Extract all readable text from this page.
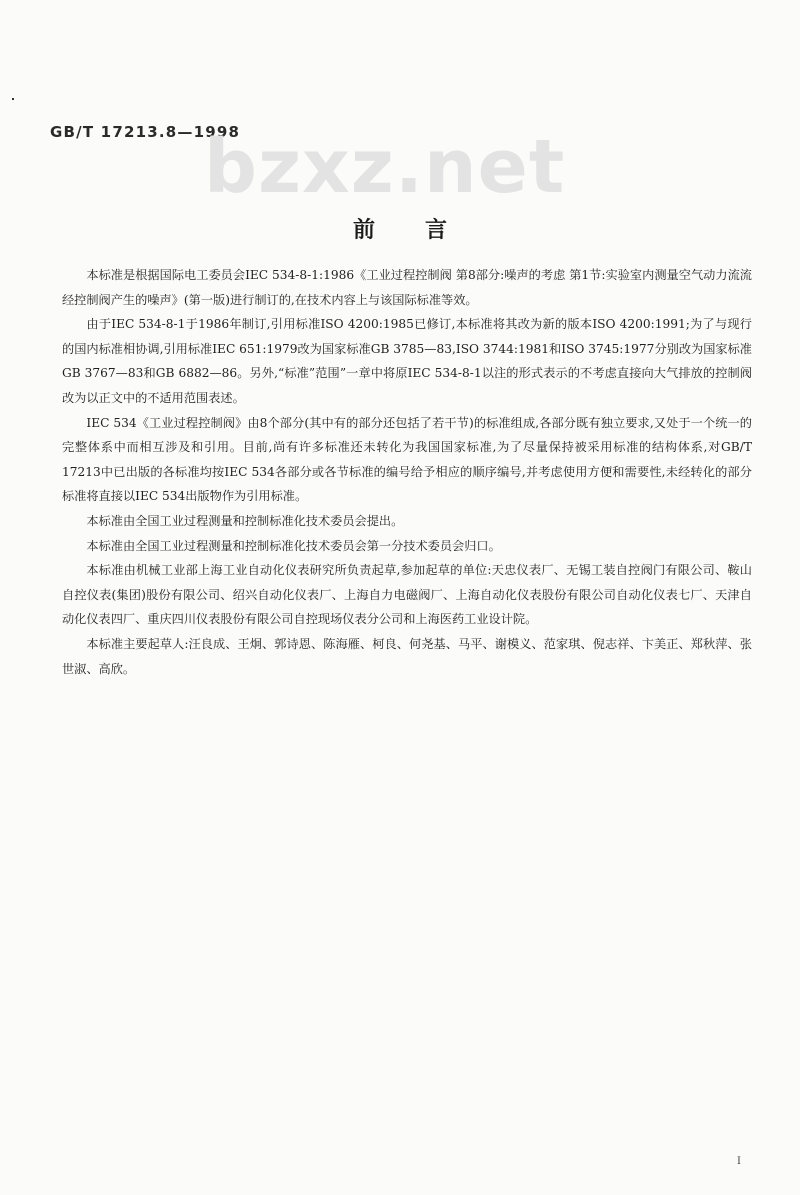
GB/T 17213.8—1998
bzxz.net
前言

本标准是根据国际电工委员会IEC 534-8-1:1986《工业过程控制阀 第8部分:噪声的考虑 第1节:实验室内测量空气动力流流经控制阀产生的噪声》(第一版)进行制订的,在技术内容上与该国际标准等效。

由于IEC 534-8-1于1986年制订,引用标准ISO 4200:1985已修订,本标准将其改为新的版本ISO 4200:1991;为了与现行的国内标准相协调,引用标准IEC 651:1979改为国家标准GB 3785—83,ISO 3744:1981和ISO 3745:1977分别改为国家标准GB 3767—83和GB 6882—86。另外,“标准”范围”一章中将原IEC 534-8-1以注的形式表示的不考虑直接向大气排放的控制阀改为以正文中的不适用范围表述。

IEC 534《工业过程控制阀》由8个部分(其中有的部分还包括了若干节)的标准组成,各部分既有独立要求,又处于一个统一的完整体系中而相互涉及和引用。目前,尚有许多标准还未转化为我国国家标准,为了尽量保持被采用标准的结构体系,对GB/T 17213中已出版的各标准均按IEC 534各部分或各节标准的编号给予相应的顺序编号,并考虑使用方便和需要性,未经转化的部分标准将直接以IEC 534出版物作为引用标准。

本标准由全国工业过程测量和控制标准化技术委员会提出。

本标准由全国工业过程测量和控制标准化技术委员会第一分技术委员会归口。

本标准由机械工业部上海工业自动化仪表研究所负责起草,参加起草的单位:天忠仪表厂、无锡工装自控阀门有限公司、鞍山自控仪表(集团)股份有限公司、绍兴自动化仪表厂、上海自力电磁阀厂、上海自动化仪表股份有限公司自动化仪表七厂、天津自动化仪表四厂、重庆四川仪表股份有限公司自控现场仪表分公司和上海医药工业设计院。

本标准主要起草人:汪良成、王炯、郭诗恩、陈海雁、柯良、何尧基、马平、谢模义、范家琪、倪志祥、卞美正、郑秋萍、张世淑、高欣。

I
